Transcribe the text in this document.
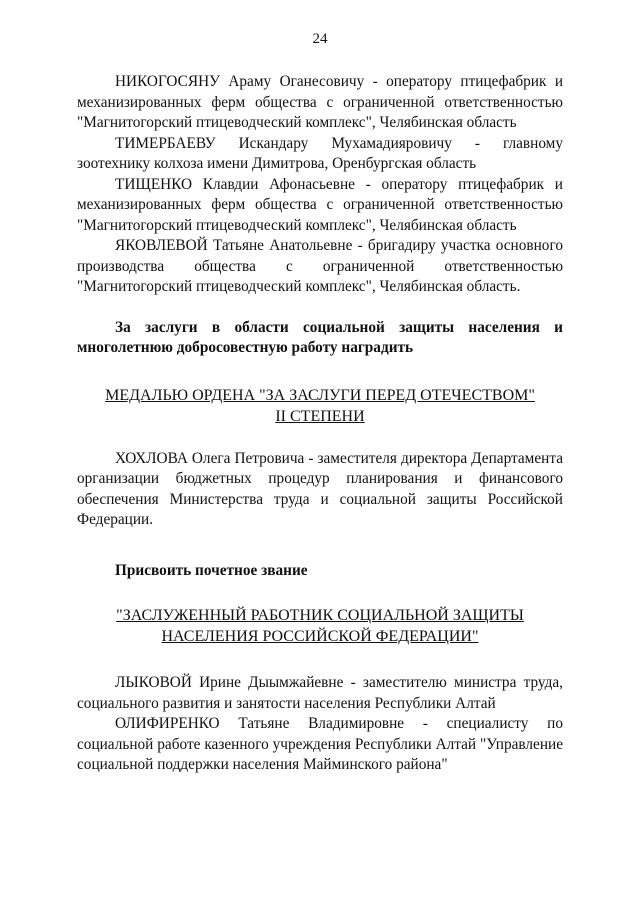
24

НИКОГОСЯНУ Араму Оганесовичу - оператору птицефабрик и механизированных ферм общества с ограниченной ответственностью "Магнитогорский птицеводческий комплекс", Челябинская область

ТИМЕРБАЕВУ Искандару Мухамадияровичу - главному зоотехнику колхоза имени Димитрова, Оренбургская область

ТИЩЕНКО Клавдии Афонасьевне - оператору птицефабрик и механизированных ферм общества с ограниченной ответственностью "Магнитогорский птицеводческий комплекс", Челябинская область

ЯКОВЛЕВОЙ Татьяне Анатольевне - бригадиру участка основного производства общества с ограниченной ответственностью "Магнитогорский птицеводческий комплекс", Челябинская область.

За заслуги в области социальной защиты населения и многолетнюю добросовестную работу наградить

МЕДАЛЬЮ ОРДЕНА "ЗА ЗАСЛУГИ ПЕРЕД ОТЕЧЕСТВОМ"

II СТЕПЕНИ

ХОХЛОВА Олега Петровича - заместителя директора Департамента организации бюджетных процедур планирования и финансового обеспечения Министерства труда и социальной защиты Российской Федерации.

Присвоить почетное звание

"ЗАСЛУЖЕННЫЙ РАБОТНИК СОЦИАЛЬНОЙ ЗАЩИТЫ

НАСЕЛЕНИЯ РОССИЙСКОЙ ФЕДЕРАЦИИ"

ЛЫКОВОЙ Ирине Дыымжайевне - заместителю министра труда, социального развития и занятости населения Республики Алтай

ОЛИФИРЕНКО Татьяне Владимировне - специалисту по социальной работе казенного учреждения Республики Алтай "Управление социальной поддержки населения Майминского района"
